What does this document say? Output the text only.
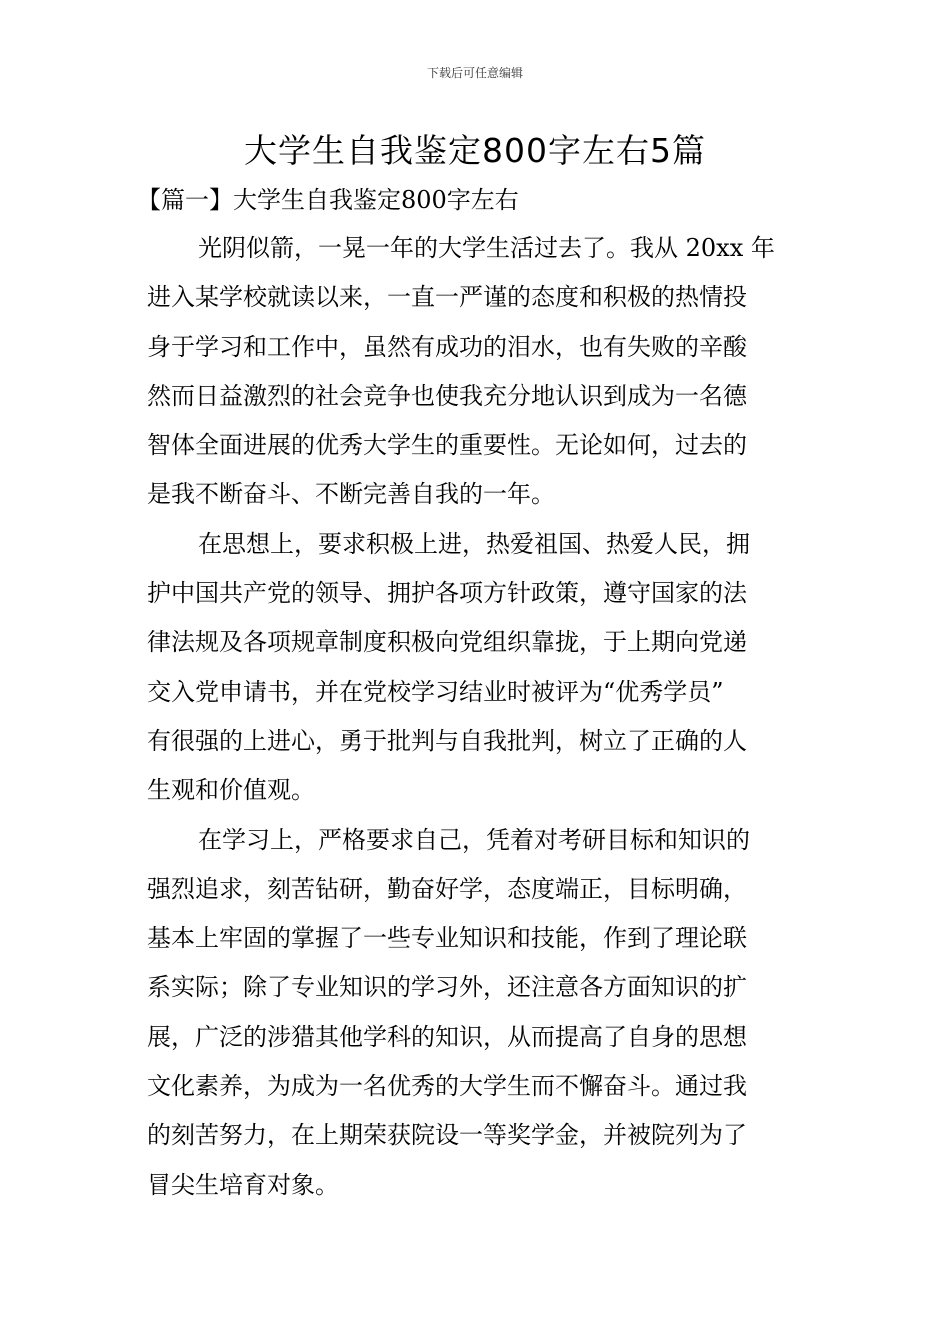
下载后可任意编辑
大学生自我鉴定800字左右5篇
【篇一】大学生自我鉴定800字左右
光阴似箭，一晃一年的大学生活过去了。我从 20xx 年
进入某学校就读以来，一直一严谨的态度和积极的热情投
身于学习和工作中，虽然有成功的泪水，也有失败的辛酸
然而日益激烈的社会竞争也使我充分地认识到成为一名德
智体全面进展的优秀大学生的重要性。无论如何，过去的
是我不断奋斗、不断完善自我的一年。
在思想上，要求积极上进，热爱祖国、热爱人民，拥
护中国共产党的领导、拥护各项方针政策，遵守国家的法
律法规及各项规章制度积极向党组织靠拢，于上期向党递
交入党申请书，并在党校学习结业时被评为“优秀学员”
有很强的上进心，勇于批判与自我批判，树立了正确的人
生观和价值观。
在学习上，严格要求自己，凭着对考研目标和知识的
强烈追求，刻苦钻研，勤奋好学，态度端正，目标明确，
基本上牢固的掌握了一些专业知识和技能，作到了理论联
系实际；除了专业知识的学习外，还注意各方面知识的扩
展，广泛的涉猎其他学科的知识，从而提高了自身的思想
文化素养，为成为一名优秀的大学生而不懈奋斗。通过我
的刻苦努力，在上期荣获院设一等奖学金，并被院列为了
冒尖生培育对象。
